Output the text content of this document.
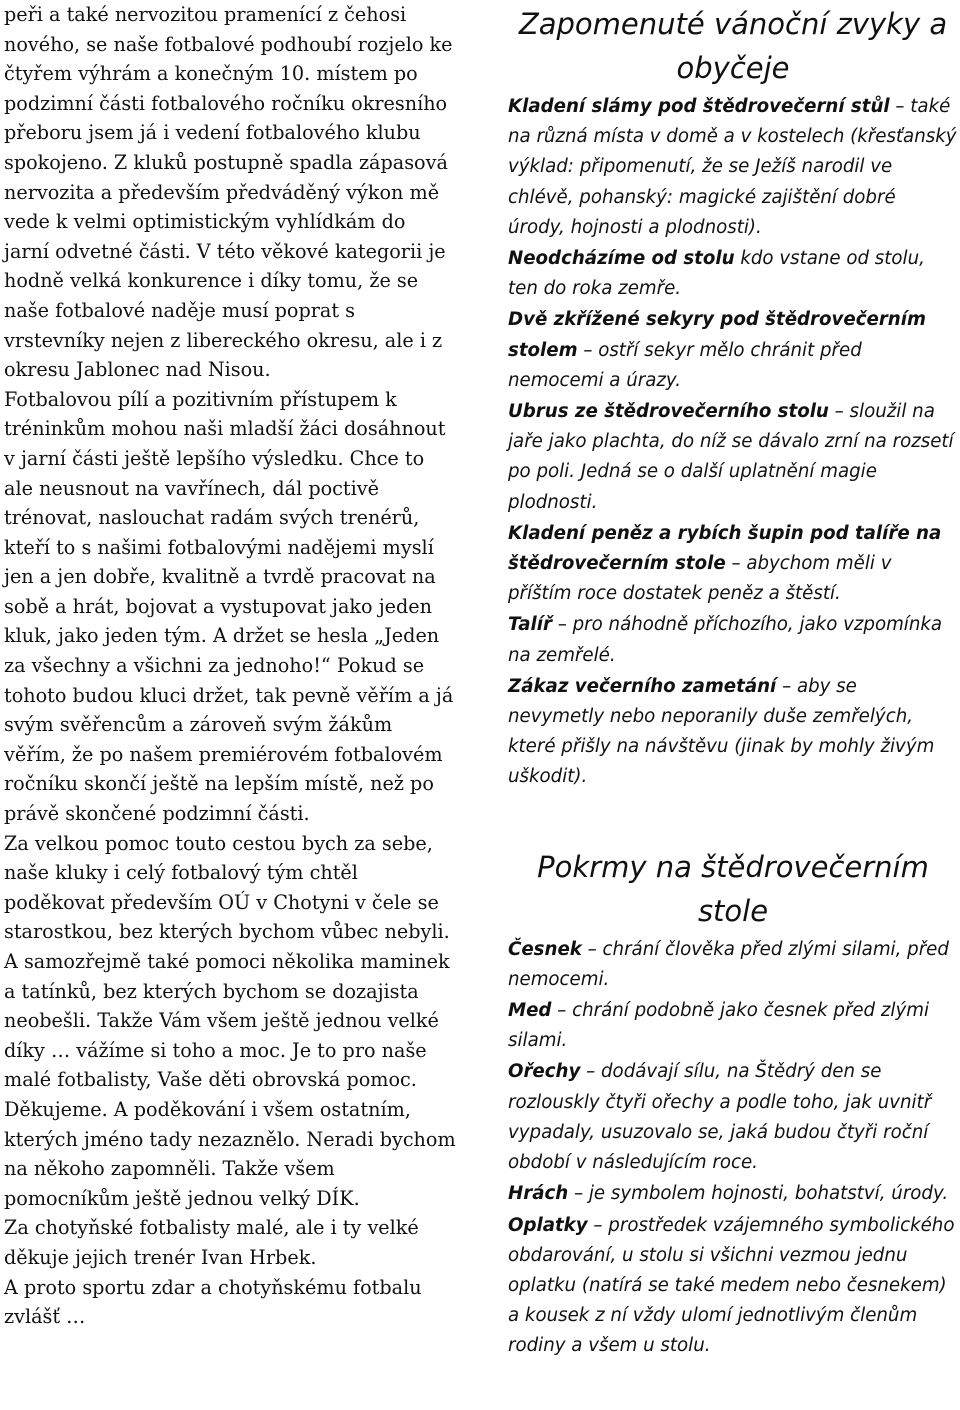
peři a také nervozitou pramenící z čehosi nového, se naše fotbalové podhoubí rozjelo ke čtyřem výhrám a konečným 10. místem po podzimní části fotbalového ročníku okresního přeboru jsem já i vedení fotbalového klubu spokojeno. Z kluků postupně spadla zápasová nervozita a především předváděný výkon mě vede k velmi optimistickým vyhlídkám do jarní odvetné části. V této věkové kategorii je hodně velká konkurence i díky tomu, že se naše fotbalové naděje musí poprat s vrstevníky nejen z libereckého okresu, ale i z okresu Jablonec nad Nisou.

Fotbalovou pílí a pozitivním přístupem k tréninkům mohou naši mladší žáci dosáhnout v jarní části ještě lepšího výsledku. Chce to ale neusnout na vavřínech, dál poctivě trénovat, naslouchat radám svých trenérů, kteří to s našimi fotbalovými nadějemi myslí jen a jen dobře, kvalitně a tvrdě pracovat na sobě a hrát, bojovat a vystupovat jako jeden kluk, jako jeden tým. A držet se hesla „Jeden za všechny a všichni za jednoho!“ Pokud se tohoto budou kluci držet, tak pevně věřím a já svým svěřencům a zároveň svým žákům věřím, že po našem premiérovém fotbalovém ročníku skončí ještě na lepším místě, než po právě skončené podzimní části.

Za velkou pomoc touto cestou bych za sebe, naše kluky i celý fotbalový tým chtěl poděkovat především OÚ v Chotyni v čele se starostkou, bez kterých bychom vůbec nebyli. A samozřejmě také pomoci několika maminek a tatínků, bez kterých bychom se dozajista neobešli. Takže Vám všem ještě jednou velké díky … vážíme si toho a moc. Je to pro naše malé fotbalisty, Vaše děti obrovská pomoc. Děkujeme. A poděkování i všem ostatním, kterých jméno tady nezaznělo. Neradi bychom na někoho zapomněli. Takže všem pomocníkům ještě jednou velký DÍK.

Za chotyňské fotbalisty malé, ale i ty velké děkuje jejich trenér Ivan Hrbek.

A proto sportu zdar a chotyňskému fotbalu zvlášť …

Zapomenuté vánoční zvyky a obyčeje

Kladení slámy pod štědrovečerní stůl – také na různá místa v domě a v kostelech (křesťanský výklad: připomenutí, že se Ježíš narodil ve chlévě, pohanský: magické zajištění dobré úrody, hojnosti a plodnosti).

Neodcházíme od stolu kdo vstane od stolu, ten do roka zemře.

Dvě zkřížené sekyry pod štědrovečerním stolem – ostří sekyr mělo chránit před nemocemi a úrazy.

Ubrus ze štědrovečerního stolu – sloužil na jaře jako plachta, do níž se dávalo zrní na rozsetí po poli. Jedná se o další uplatnění magie plodnosti.

Kladení peněz a rybích šupin pod talíře na štědrovečerním stole – abychom měli v příštím roce dostatek peněz a štěstí.

Talíř – pro náhodně příchozího, jako vzpomínka na zemřelé.

Zákaz večerního zametání – aby se nevymetly nebo neporanily duše zemřelých, které přišly na návštěvu (jinak by mohly živým uškodit).

Pokrmy na štědrovečerním stole

Česnek – chrání člověka před zlými silami, před nemocemi.

Med – chrání podobně jako česnek před zlými silami.

Ořechy – dodávají sílu, na Štědrý den se rozlouskly čtyři ořechy a podle toho, jak uvnitř vypadaly, usuzovalo se, jaká budou čtyři roční období v následujícím roce.

Hrách – je symbolem hojnosti, bohatství, úrody.

Oplatky – prostředek vzájemného symbolického obdarování, u stolu si všichni vezmou jednu oplatku (natírá se také medem nebo česnekem) a kousek z ní vždy ulomí jednotlivým členům rodiny a všem u stolu.
